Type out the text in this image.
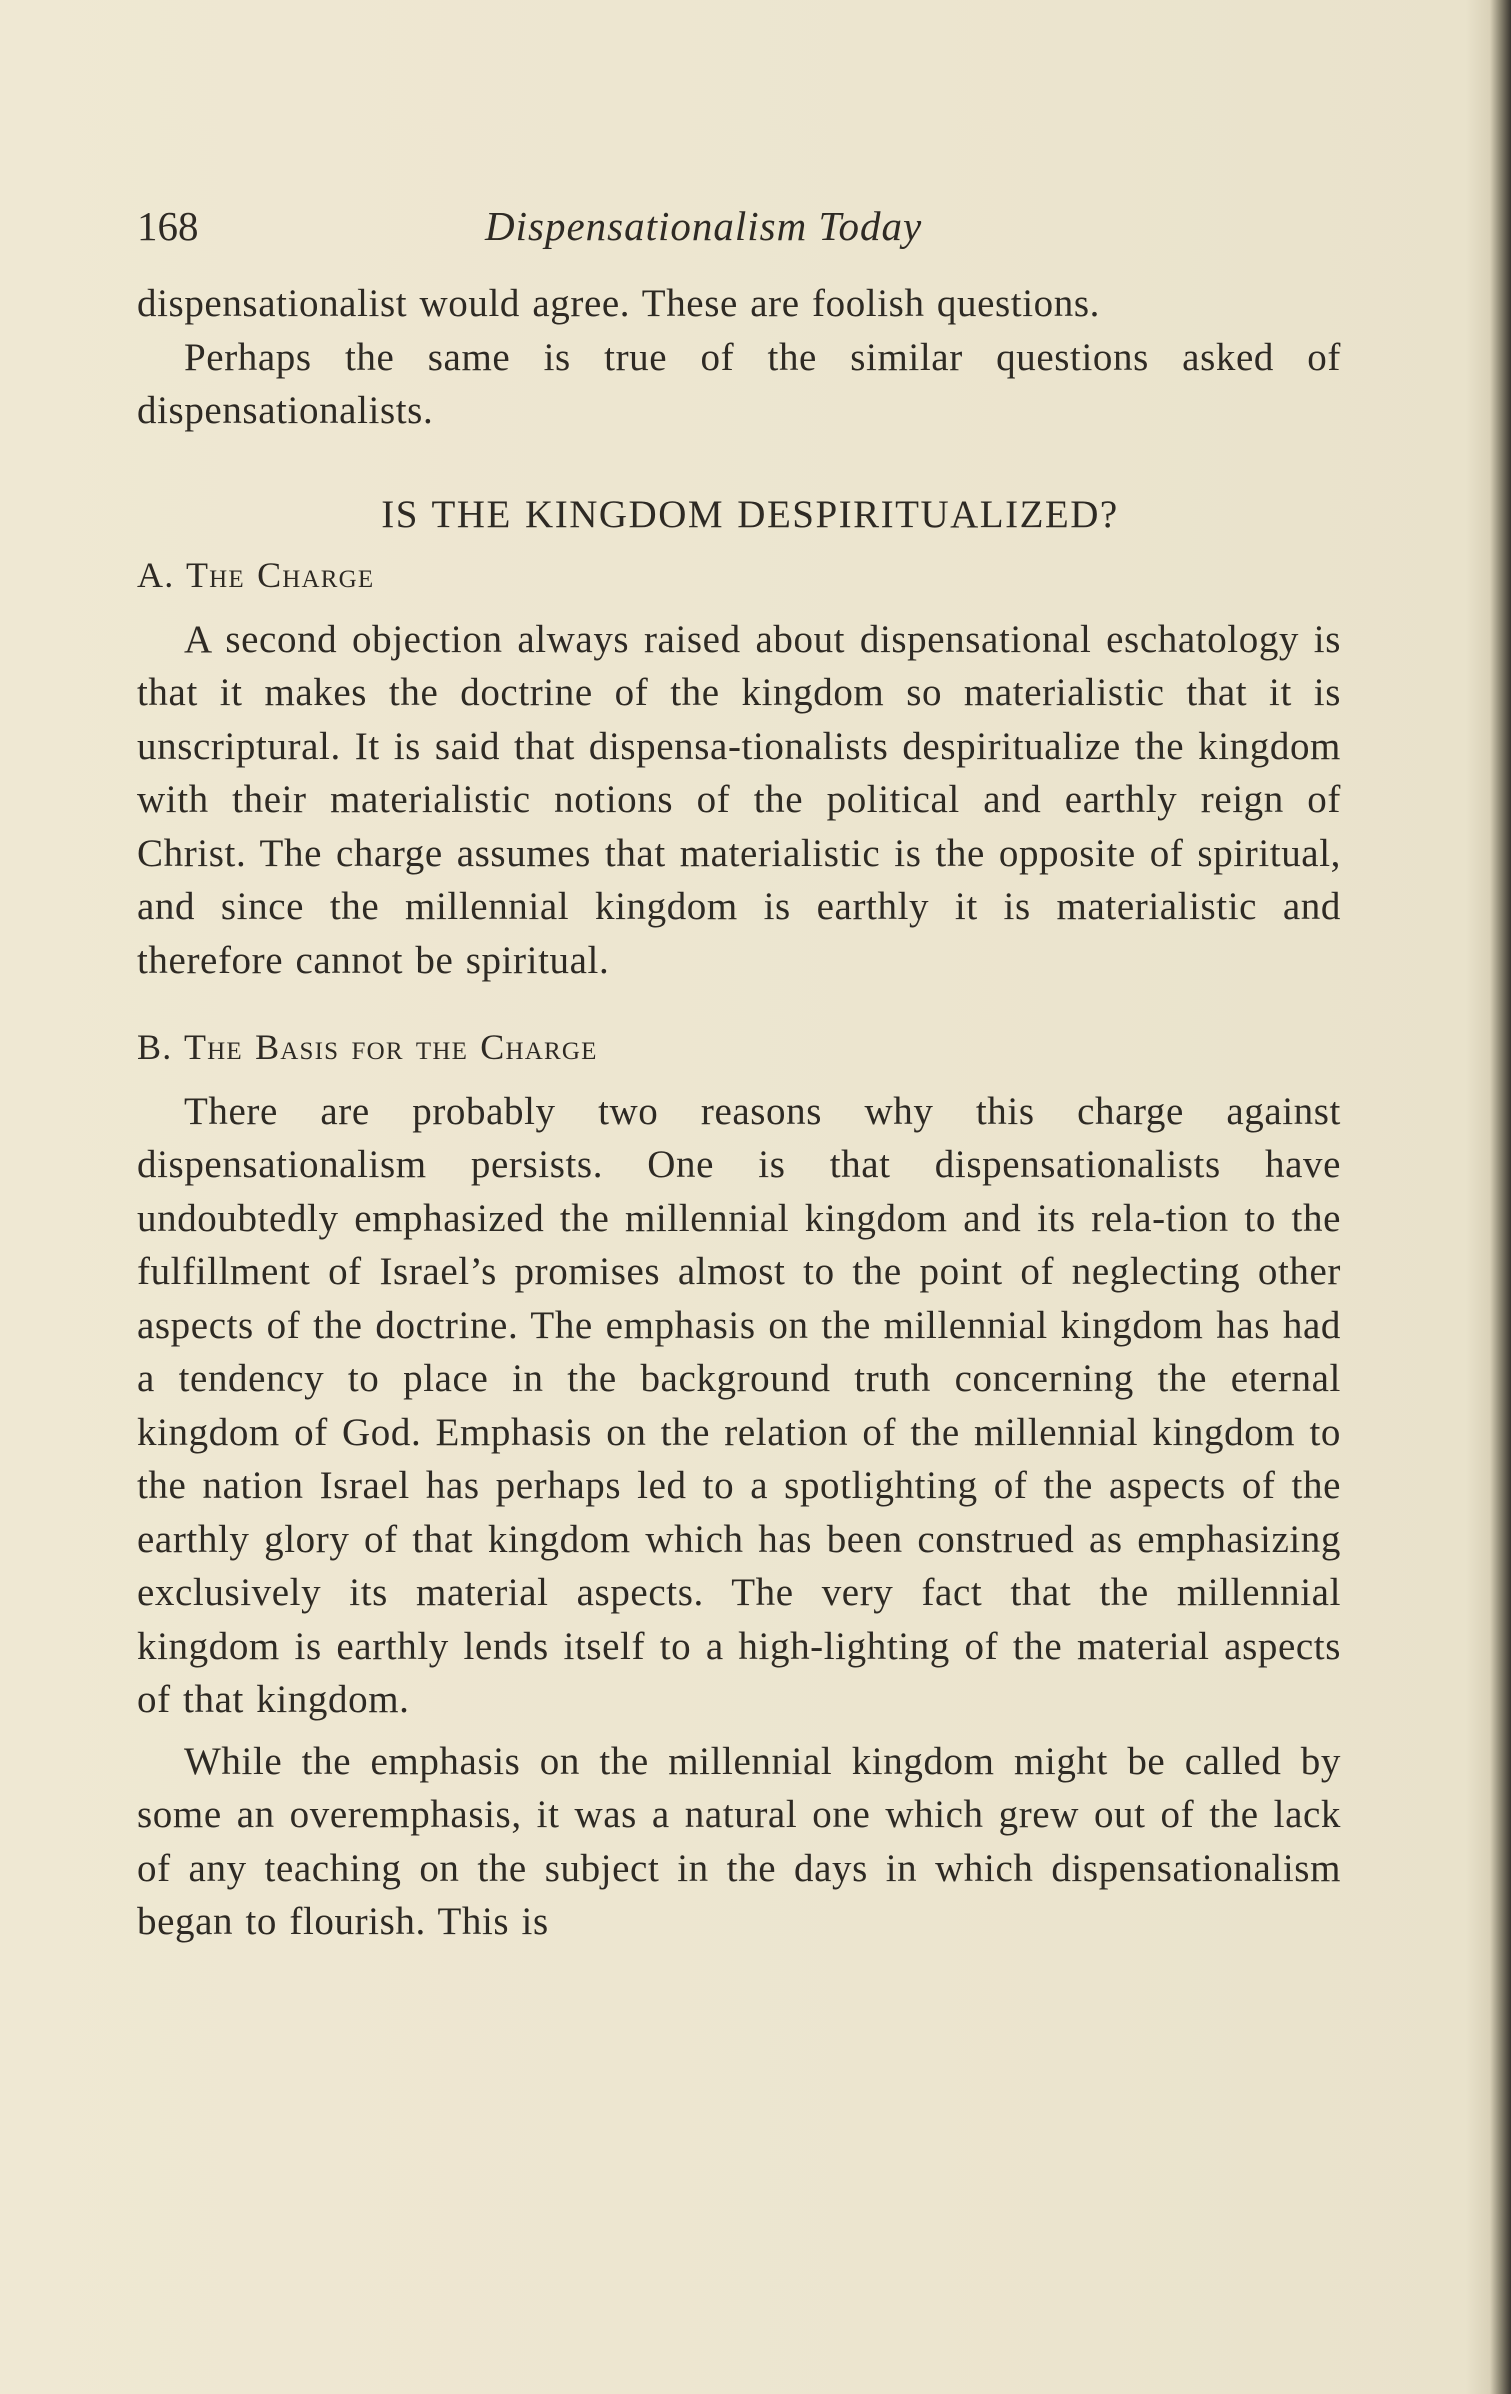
168	Dispensationalism Today

dispensationalist would agree. These are foolish questions.

Perhaps the same is true of the similar questions asked of dispensationalists.

IS THE KINGDOM DESPIRITUALIZED?

A. The Charge

A second objection always raised about dispensational eschatology is that it makes the doctrine of the kingdom so materialistic that it is unscriptural. It is said that dispensa-tionalists despiritualize the kingdom with their materialistic notions of the political and earthly reign of Christ. The charge assumes that materialistic is the opposite of spiritual, and since the millennial kingdom is earthly it is materialistic and therefore cannot be spiritual.

B. The Basis for the Charge

There are probably two reasons why this charge against dispensationalism persists. One is that dispensationalists have undoubtedly emphasized the millennial kingdom and its rela-tion to the fulfillment of Israel’s promises almost to the point of neglecting other aspects of the doctrine. The emphasis on the millennial kingdom has had a tendency to place in the background truth concerning the eternal kingdom of God. Emphasis on the relation of the millennial kingdom to the nation Israel has perhaps led to a spotlighting of the aspects of the earthly glory of that kingdom which has been construed as emphasizing exclusively its material aspects. The very fact that the millennial kingdom is earthly lends itself to a high-lighting of the material aspects of that kingdom.

While the emphasis on the millennial kingdom might be called by some an overemphasis, it was a natural one which grew out of the lack of any teaching on the subject in the days in which dispensationalism began to flourish. This is
